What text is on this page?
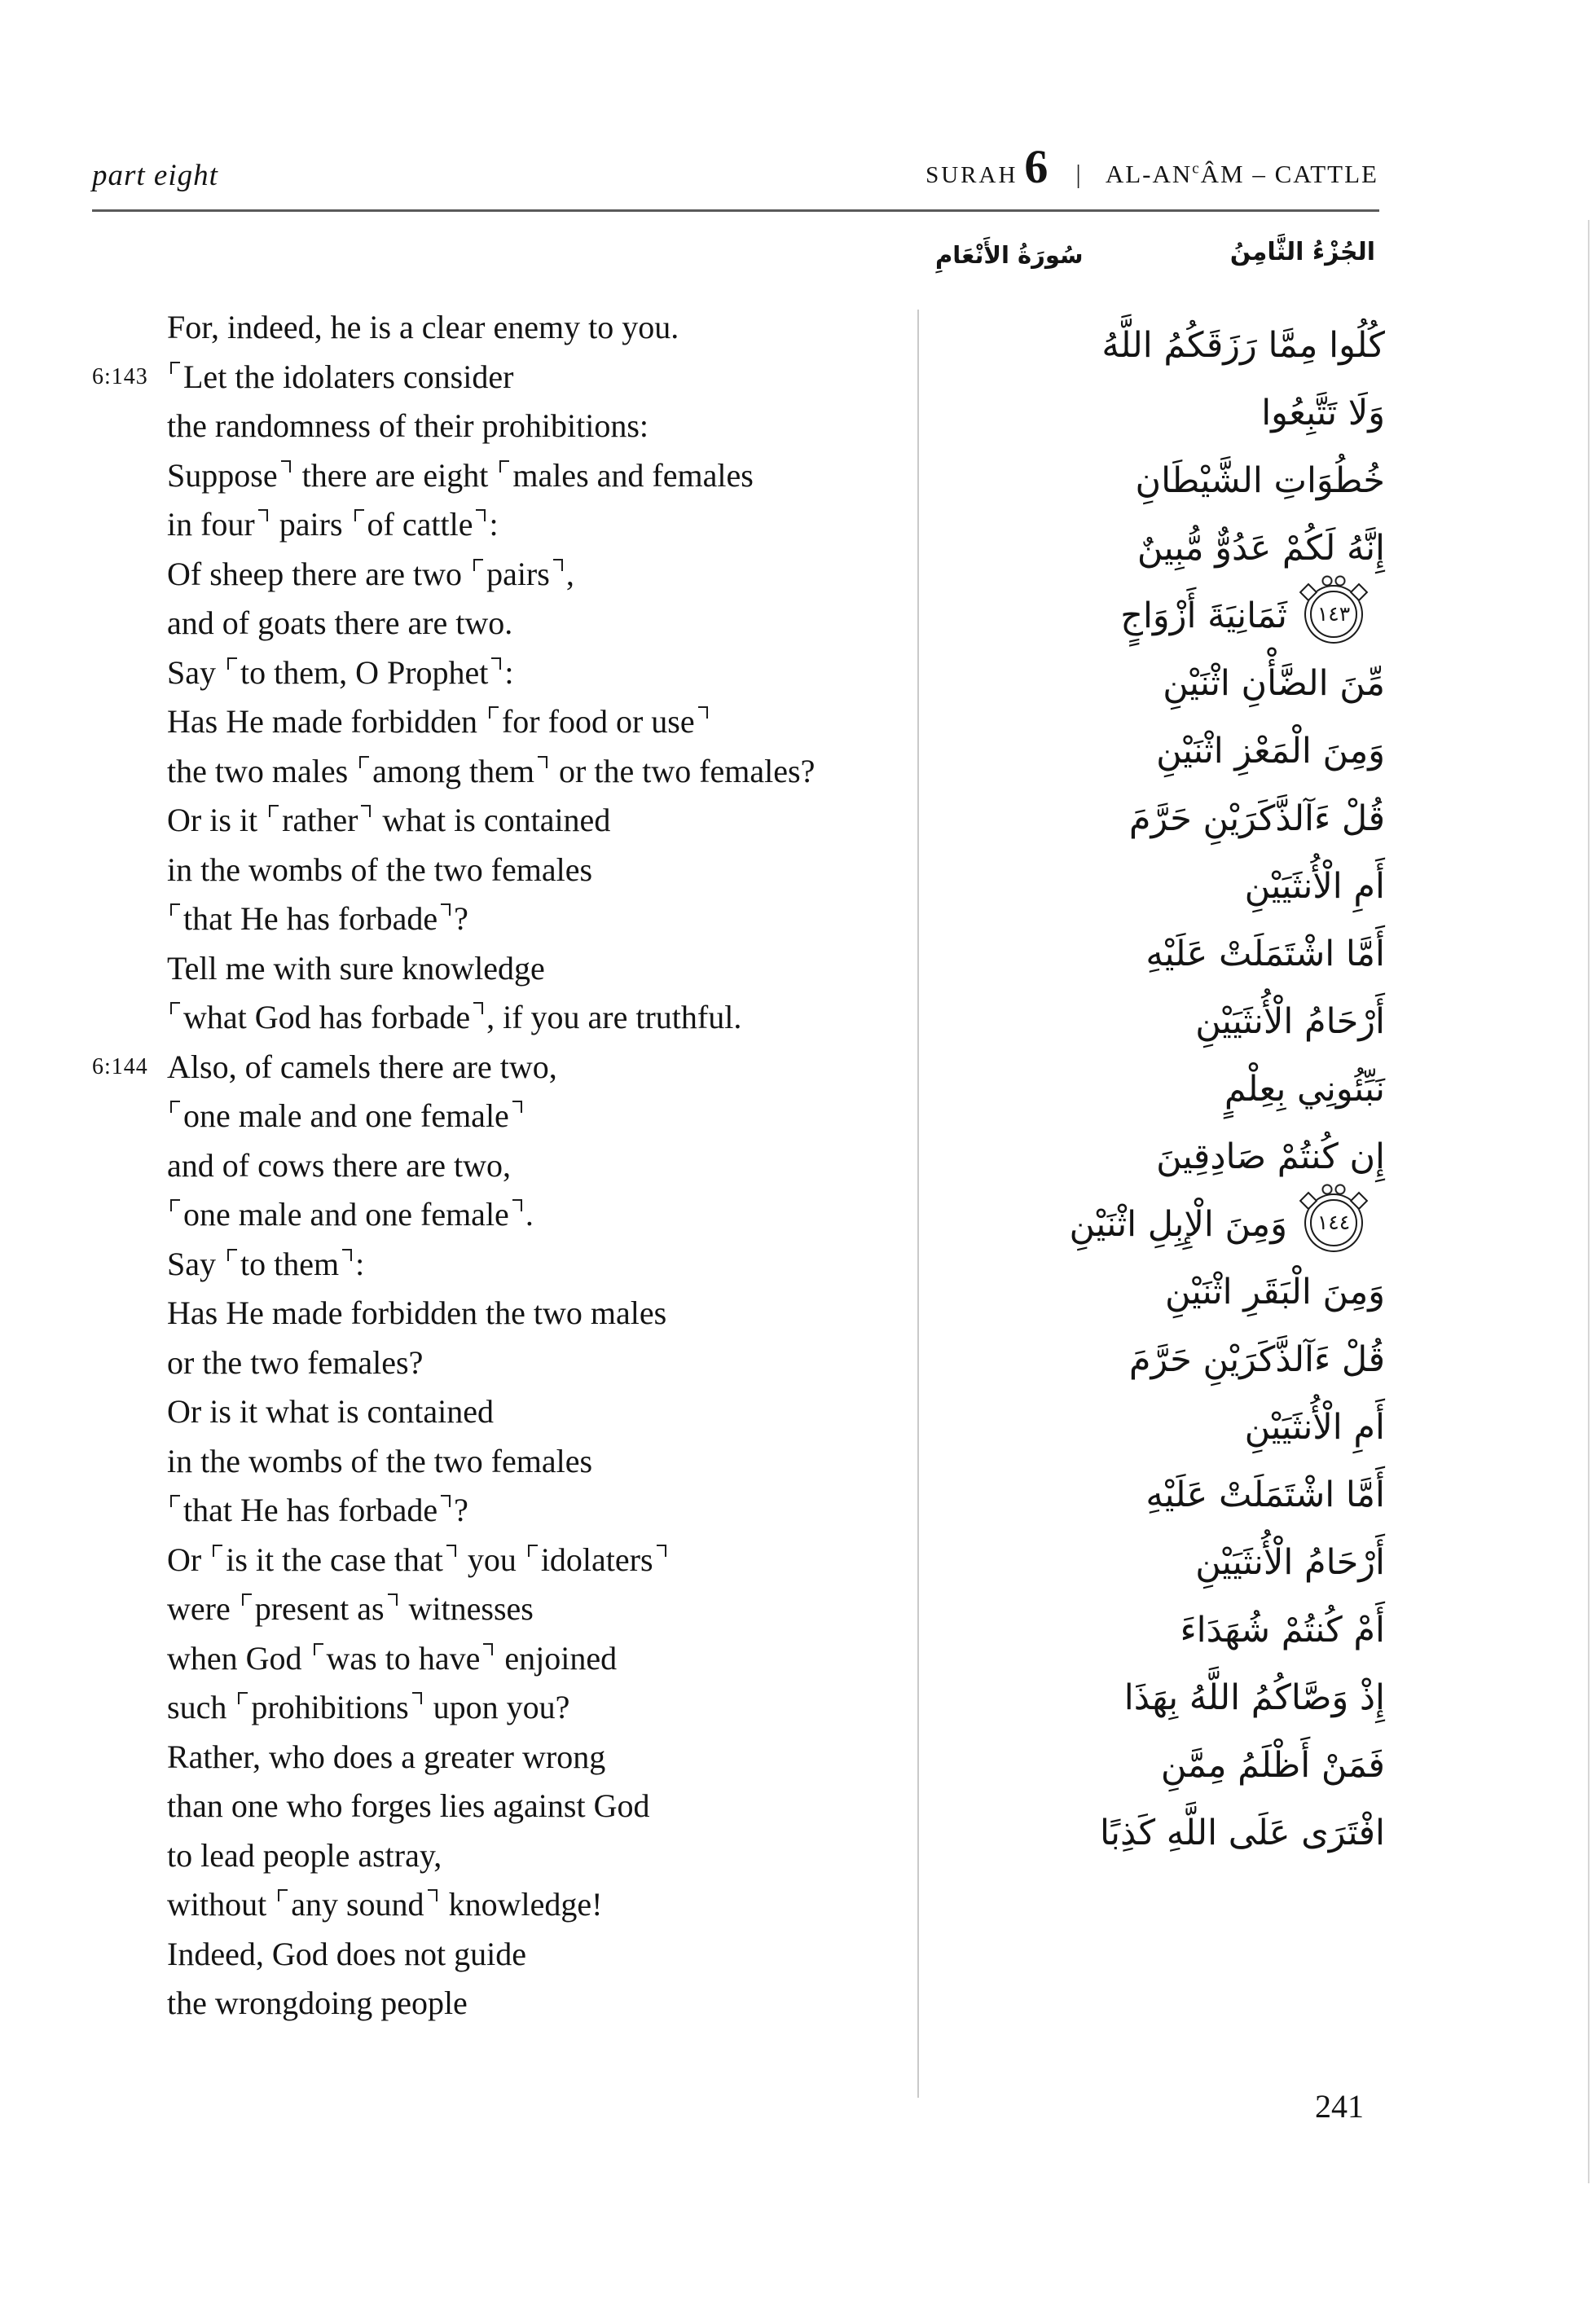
part eight	SURAH 6 | $AL-AN^cÂM$ – CATTLE
الجُزْءُ الثَّامِنُ
سُورَةُ الأَنْعَامِ
For, indeed, he is a clear enemy to you.
6:143	Let the idolaters consider
the randomness of their prohibitions:
Suppose there are eight males and females
in four pairs of cattle :
Of sheep there are two pairs ,
and of goats there are two.
Say to them, O Prophet :
Has He made forbidden for food or use
the two males among them or the two females?
Or is it rather what is contained
in the wombs of the two females
that He has forbade ?
Tell me with sure knowledge
what God has forbade , if you are truthful.
6:144 Also, of camels there are two,
one male and one female
and of cows there are two,
one male and one female .
Say to them :
Has He made forbidden the two males
or the two females?
Or is it what is contained
in the wombs of the two females
that He has forbade ?
Or is it the case that you idolaters
were present as witnesses
when God was to have enjoined
such prohibitions upon you?
Rather, who does a greater wrong
than one who forges lies against God
to lead people astray,
without any sound knowledge!
Indeed, God does not guide
the wrongdoing people
كُلُوا مِمَّا رَزَقَكُمُ اللَّهُ
وَلَا تَتَّبِعُوا
خُطُوَاتِ الشَّيْطَانِ
إِنَّهُ لَكُمْ عَدُوٌّ مُّبِينٌ
١٤٣
ثَمَانِيَةَ أَزْوَاجٍ
مِّنَ الضَّأْنِ اثْنَيْنِ
وَمِنَ الْمَعْزِ اثْنَيْنِ
قُلْ ءَآلذَّكَرَيْنِ حَرَّمَ
أَمِ الْأُنثَيَيْنِ
أَمَّا اشْتَمَلَتْ عَلَيْهِ
أَرْحَامُ الْأُنثَيَيْنِ
نَبِّئُونِي بِعِلْمٍ
إِن كُنتُمْ صَادِقِينَ
١٤٤
وَمِنَ الْإِبِلِ اثْنَيْنِ
وَمِنَ الْبَقَرِ اثْنَيْنِ
قُلْ ءَآلذَّكَرَيْنِ حَرَّمَ
أَمِ الْأُنثَيَيْنِ
أَمَّا اشْتَمَلَتْ عَلَيْهِ
أَرْحَامُ الْأُنثَيَيْنِ
أَمْ كُنتُمْ شُهَدَاءَ
إِذْ وَصَّاكُمُ اللَّهُ بِهَذَا
فَمَنْ أَظْلَمُ مِمَّنِ
افْتَرَى عَلَى اللَّهِ كَذِبًا
241
